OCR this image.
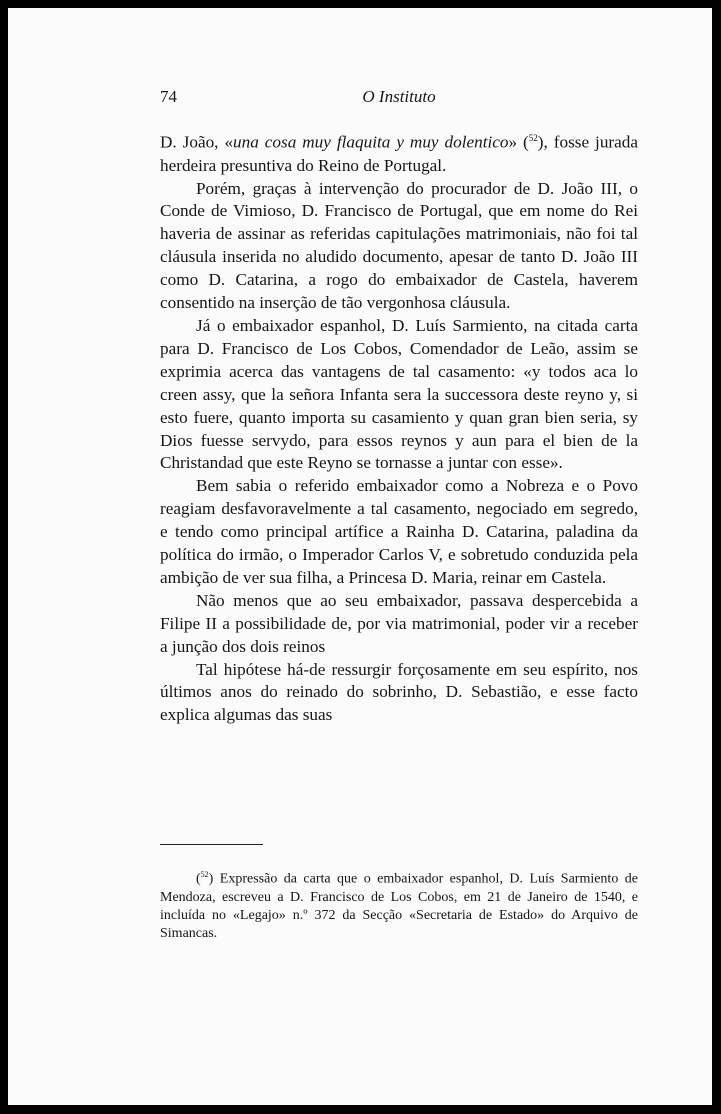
74	O Instituto

D. João, «una cosa muy flaquita y muy dolentico» ($^{52}$), fosse jurada herdeira presuntiva do Reino de Portugal.

Porém, graças à intervenção do procurador de D. João III, o Conde de Vimioso, D. Francisco de Portugal, que em nome do Rei haveria de assinar as referidas capitulações matrimoniais, não foi tal cláusula inserida no aludido documento, apesar de tanto D. João III como D. Catarina, a rogo do embaixador de Castela, haverem consentido na inserção de tão vergonhosa cláusula.

Já o embaixador espanhol, D. Luís Sarmiento, na citada carta para D. Francisco de Los Cobos, Comendador de Leão, assim se exprimia acerca das vantagens de tal casamento: «y todos aca lo creen assy, que la señora Infanta sera la successora deste reyno y, si esto fuere, quanto importa su casamiento y quan gran bien seria, sy Dios fuesse servydo, para essos reynos y aun para el bien de la Christandad que este Reyno se tornasse a juntar con esse».

Bem sabia o referido embaixador como a Nobreza e o Povo reagiam desfavoravelmente a tal casamento, negociado em segredo, e tendo como principal artífice a Rainha D. Catarina, paladina da política do irmão, o Imperador Carlos V, e sobretudo conduzida pela ambição de ver sua filha, a Princesa D. Maria, reinar em Castela.

Não menos que ao seu embaixador, passava despercebida a Filipe II a possibilidade de, por via matrimonial, poder vir a receber a junção dos dois reinos

Tal hipótese há-de ressurgir forçosamente em seu espírito, nos últimos anos do reinado do sobrinho, D. Sebastião, e esse facto explica algumas das suas

($^{52}$) Expressão da carta que o embaixador espanhol, D. Luís Sarmiento de Mendoza, escreveu a D. Francisco de Los Cobos, em 21 de Janeiro de 1540, e incluída no «Legajo» n.º 372 da Secção «Secretaria de Estado» do Arquivo de Simancas.
